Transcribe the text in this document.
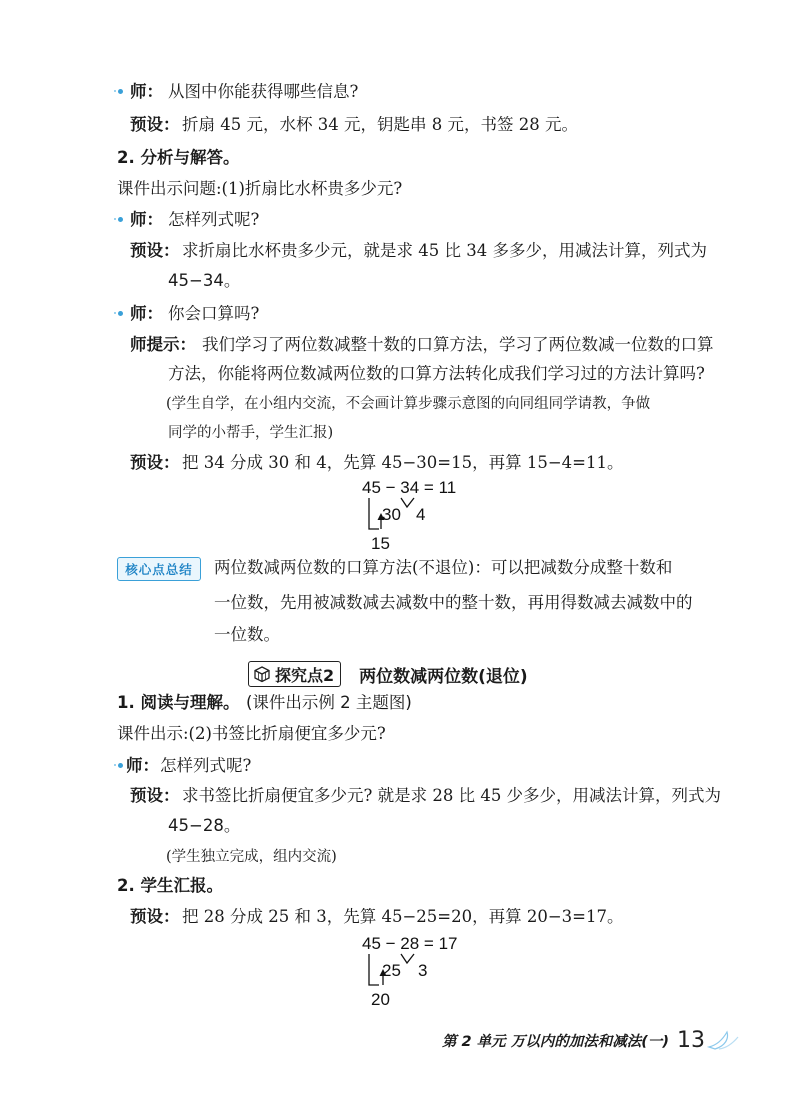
师： 从图中你能获得哪些信息?
预设： 折扇 45 元，水杯 34 元，钥匙串 8 元，书签 28 元。
2. 分析与解答。
课件出示问题:(1)折扇比水杯贵多少元?
师： 怎样列式呢?
预设： 求折扇比水杯贵多少元，就是求 45 比 34 多多少，用减法计算，列式为
45−34。
师： 你会口算吗?
师提示： 我们学习了两位数减整十数的口算方法，学习了两位数减一位数的口算
方法，你能将两位数减两位数的口算方法转化成我们学习过的方法计算吗?
(学生自学，在小组内交流，不会画计算步骤示意图的向同组同学请教，争做
同学的小帮手，学生汇报)
预设： 把 34 分成 30 和 4，先算 45−30=15，再算 15−4=11。
45 − 34 = 11
30 4
15
核心点总结 两位数减两位数的口算方法(不退位)：可以把减数分成整十数和
一位数，先用被减数减去减数中的整十数，再用得数减去减数中的
一位数。
探究点2 两位数减两位数(退位)
1. 阅读与理解。 (课件出示例 2 主题图)
课件出示:(2)书签比折扇便宜多少元?
师： 怎样列式呢?
预设： 求书签比折扇便宜多少元? 就是求 28 比 45 少多少，用减法计算，列式为
45−28。
(学生独立完成，组内交流)
2. 学生汇报。
预设： 把 28 分成 25 和 3，先算 45−25=20，再算 20−3=17。
45 − 28 = 17
25 3
20
第 2 单元 万以内的加法和减法(一) 13
